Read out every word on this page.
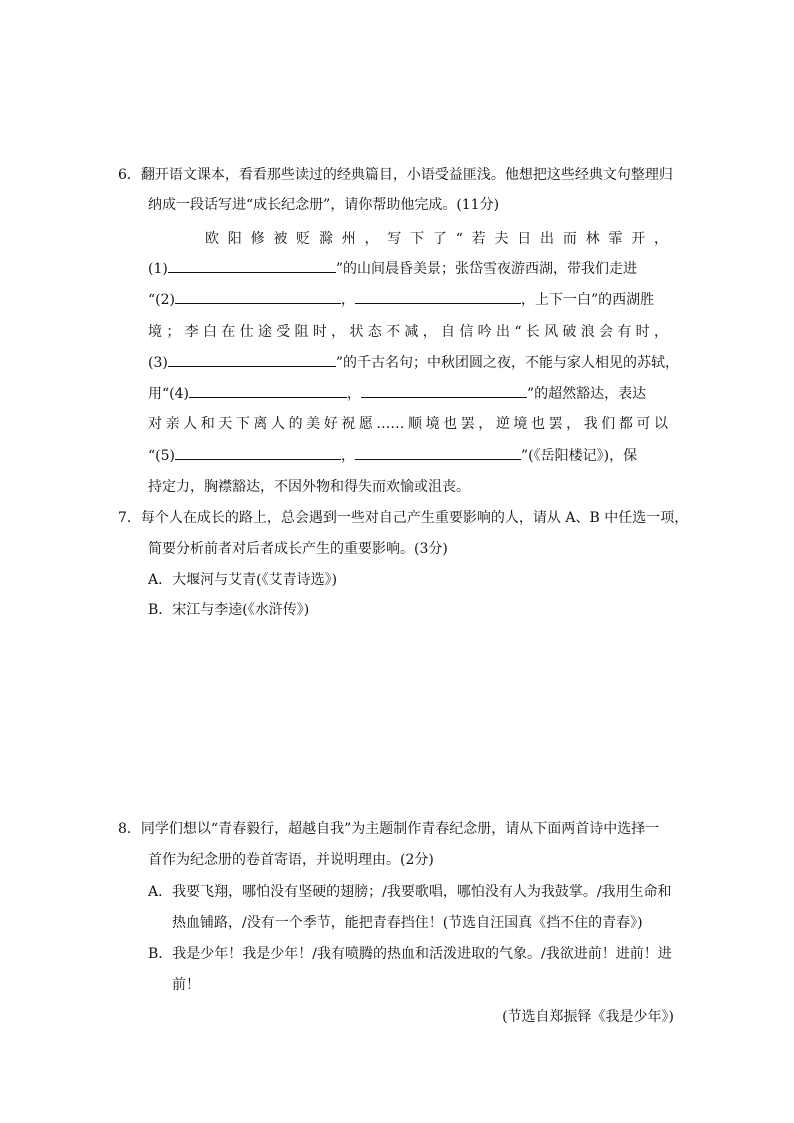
6．翻开语文课本，看看那些读过的经典篇目，小语受益匪浅。他想把这些经典文句整理归
纳成一段话写进“成长纪念册”，请你帮助他完成。(11分)
欧阳修被贬滁州，写下了“若夫日出而林霏开，
(1)	”的山间晨昏美景；张岱雪夜游西湖，带我们走进
“(2)	，	，上下一白”的西湖胜
境；李白在仕途受阻时，状态不减，自信吟出“长风破浪会有时，
(3)	”的千古名句；中秋团圆之夜，不能与家人相见的苏轼，
用“(4)	，	”的超然豁达，表达
对亲人和天下离人的美好祝愿……顺境也罢，逆境也罢，我们都可以
“(5)	，	”(《岳阳楼记》)，保
持定力，胸襟豁达，不因外物和得失而欢愉或沮丧。
7．每个人在成长的路上，总会遇到一些对自己产生重要影响的人，请从 A、B 中任选一项，
简要分析前者对后者成长产生的重要影响。(3分)
A．大堰河与艾青(《艾青诗选》)
B．宋江与李逵(《水浒传》)
8．同学们想以“青春毅行，超越自我”为主题制作青春纪念册，请从下面两首诗中选择一
首作为纪念册的卷首寄语，并说明理由。(2分)
A．我要飞翔，哪怕没有坚硬的翅膀；/我要歌唱，哪怕没有人为我鼓掌。/我用生命和
热血铺路，/没有一个季节，能把青春挡住！(节选自汪国真《挡不住的青春》)
B．我是少年！我是少年！/我有喷腾的热血和活泼进取的气象。/我欲进前！进前！进
前！
(节选自郑振铎《我是少年》)
